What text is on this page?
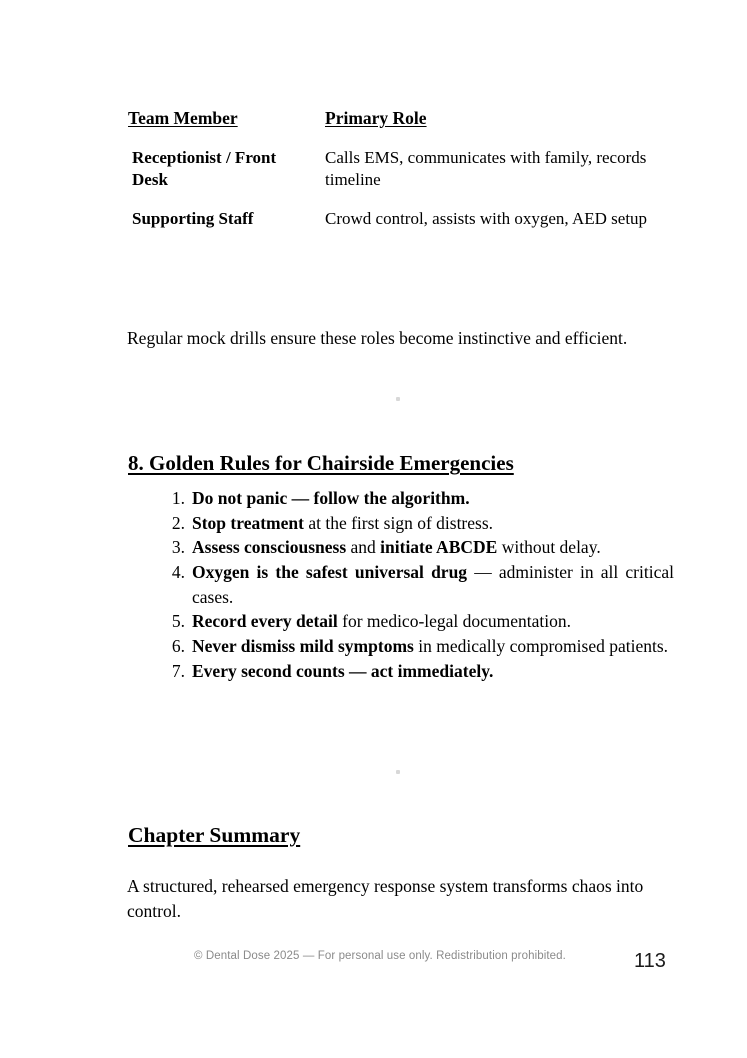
Team Member	Primary Role
Receptionist / Front Desk	Calls EMS, communicates with family, records timeline
Supporting Staff	Crowd control, assists with oxygen, AED setup

Regular mock drills ensure these roles become instinctive and efficient.

8. Golden Rules for Chairside Emergencies
1. Do not panic — follow the algorithm.
2. Stop treatment at the first sign of distress.
3. Assess consciousness and initiate ABCDE without delay.
4. Oxygen is the safest universal drug — administer in all critical cases.
5. Record every detail for medico-legal documentation.
6. Never dismiss mild symptoms in medically compromised patients.
7. Every second counts — act immediately.
Chapter Summary

A structured, rehearsed emergency response system transforms chaos into control.

© Dental Dose 2025 — For personal use only. Redistribution prohibited.	113
